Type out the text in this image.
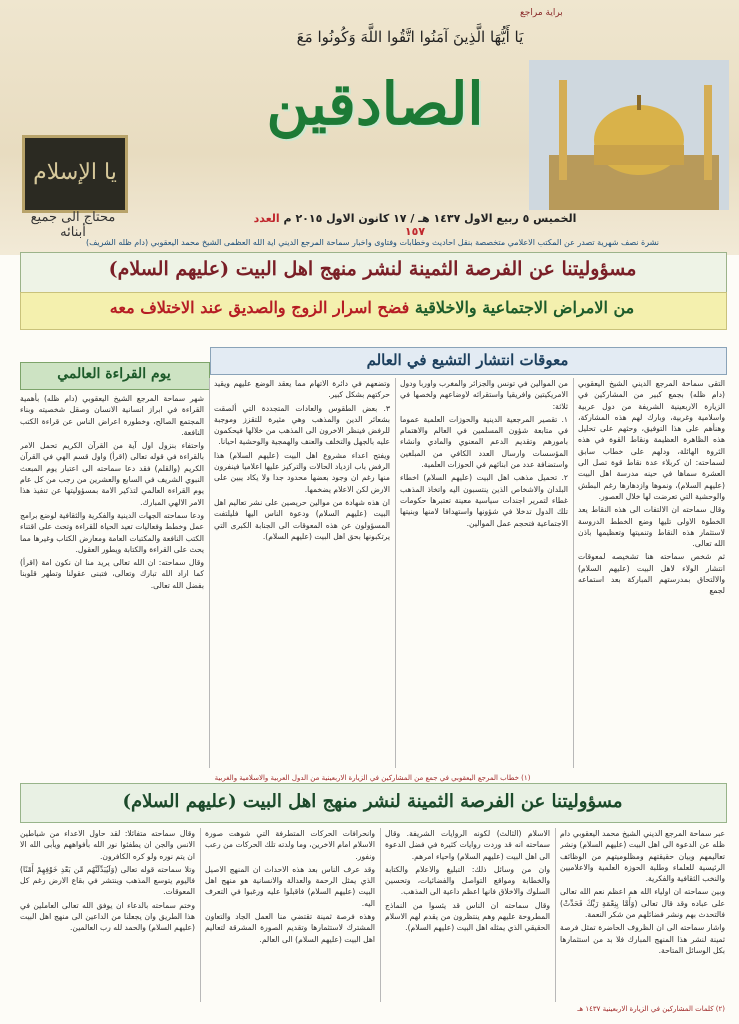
يا الإسلام
محتاج الى جميع أبنائه
براية مراجع
يَا أَيُّهَا الَّذِينَ آمَنُوا اتَّقُوا اللَّهَ وَكُونُوا مَعَ
الصادقين
الخميس ٥ ربيع الاول ١٤٣٧ هـ / ١٧ كانون الاول ٢٠١٥ م العدد ١٥٧
نشرة نصف شهرية تصدر عن المكتب الاعلامي متخصصة بنقل احاديث وخطابات وفتاوى واخبار سماحة المرجع الديني اية الله العظمى الشيخ محمد اليعقوبي (دام ظله الشريف)
مسؤوليتنا عن الفرصة الثمينة لنشر منهج اهل البيت (عليهم السلام)
من الامراض الاجتماعية والاخلاقية فضح اسرار الزوج والصديق عند الاختلاف معه
معوقات انتشار التشيع في العالم
يوم القراءة العالمي

التقى سماحة المرجع الديني الشيخ اليعقوبي (دام ظله) بجمع كبير من المشاركين في الزيارة الاربعينية الشريفة من دول عربية واسلامية وغربية، وبارك لهم هذه المشاركة، وهنأهم على هذا التوفيق، وحثهم على تحليل هذه الظاهرة العظيمة ونقاط القوة في هذه الثروة الهائلة، ودلهم على خطاب سابق لسماحته: ان كربلاء عدة نقاط قوة تصل الى العشرة سماها في حينه مدرسة اهل البيت (عليهم السلام)، ونموها وازدهارها رغم البطش والوحشية التي تعرضت لها خلال العصور.

وقال سماحته ان الالتفات الى هذه النقاط يعد الخطوة الاولى تليها وضع الخطط الدروسة لاستثمار هذه النقاط وتنميتها وتعظيمها باذن الله تعالى.

ثم شخص سماحته هنا تشخيصه لمعوقات انتشار الولاء لاهل البيت (عليهم السلام) والالتحاق بمدرستهم المباركة بعد استماعه لجمع

من الموالين في تونس والجزائر والمغرب واوربا ودول الامريكيتين وافريقيا واستقرائه لاوضاعهم ولخصها في ثلاثة:

١. تقصير المرجعية الدينية والحوزات العلمية عموما في متابعة شؤون المسلمين في العالم والاهتمام بامورهم وتقديم الدعم المعنوي والمادي وانشاء المؤسسات وارسال العدد الكافي من المبلغين واستضافة عدد من ابنائهم في الحوزات العلمية.

٢. تحميل مذهب اهل البيت (عليهم السلام) اخطاء البلدان والاشخاص الذين ينتسبون اليه واتخاذ المذهب غطاء لتمرير اجندات سياسية معينة تعتبرها حكومات تلك الدول تدخلا في شؤونها واستهدافا لامنها وبنيتها الاجتماعية فتحجم عمل الموالين.

وتضعهم في دائرة الاتهام مما يعقد الوضع عليهم ويقيد حركتهم بشكل كبير.

٣. بعض الطقوس والعادات المتجددة التي ألصقت بشعائر الدين والمذهب وهي مثيرة للتقزز وموجبة للرفض فينظر الاخرون الى المذهب من خلالها فيحكمون عليه بالجهل والتخلف والعنف والهمجية والوحشية احيانا.

ويفتح اعداء مشروع اهل البيت (عليهم السلام) هذا الرفض باب ازدياد الحالات والتركيز عليها اعلاميا فينفرون منها رغم ان وجود بعضها محدود جدا ولا يكاد يبين على الارض لكن الاعلام يضخمها.

ان هذه شهادة من موالين حريصين على نشر تعاليم اهل البيت (عليهم السلام) ودعوة الناس اليها فليلتفت المسؤولون عن هذه المعوقات الى الجنابة الكبرى التي يرتكبونها بحق اهل البيت (عليهم السلام).

شهر سماحة المرجع الشيخ اليعقوبي (دام ظله) بأهمية القراءة في ابراز انسانية الانسان وصقل شخصيته وبناء المجتمع الصالح، وخطورة اعراض الناس عن قراءة الكتب النافعة.

واحتفاء بنزول اول آية من القرآن الكريم تحمل الامر بالقراءة في قوله تعالى (اقرأ) واول قسم الهي في القرآن الكريم (والقلم) فقد دعا سماحته الى اعتبار يوم المبعث النبوي الشريف في السابع والعشرين من رجب من كل عام يوم القراءة العالمي لتذكير الامة بمسؤوليتها عن تنفيذ هذا الامر الالهي المبارك.

ودعا سماحته الجهات الدينية والفكرية والثقافية لوضع برامج عمل وخطط وفعاليات تعيد الحياة للقراءة وتحث على اقتناء الكتب النافعة والمكتبات العامة ومعارض الكتاب وغيرها مما يحث على القراءة والكتابة ويطور العقول.

وقال سماحته: ان الله تعالى يريد منا ان نكون امة (اقرأ) كما اراد الله تبارك وتعالى، فتبنى عقولنا وتطهر قلوبنا بفضل الله تعالى.

(١) خطاب المرجع اليعقوبي في جمع من المشاركين في الزيارة الاربعينية من الدول العربية والاسلامية والغربية
مسؤوليتنا عن الفرصة الثمينة لنشر منهج اهل البيت (عليهم السلام)

عبر سماحة المرجع الديني الشيخ محمد اليعقوبي دام ظله عن الدعوة الى اهل البيت (عليهم السلام) ونشر تعاليمهم وبيان حقيقتهم ومظلوميتهم من الوظائف الرئيسية للعلماء وطلبة الحوزة العلمية والاعلاميين والنخب الثقافية والفكرية.

وبين سماحته ان اولياء الله هم اعظم نعم الله تعالى على عباده وقد قال تعالى (وَأَمَّا بِنِعْمَةِ رَبِّكَ فَحَدِّثْ) فالتحدث بهم ونشر فضائلهم من شكر النعمة.

واشار سماحته الى ان الظروف الحاضرة تمثل فرصة ثمينة لنشر هذا المنهج المبارك فلا بد من استثمارها بكل الوسائل المتاحة.

الاسلام (الثالث) لكونه الروايات الشريفة. وقال سماحته انه قد وردت روايات كثيرة في فضل الدعوة الى اهل البيت (عليهم السلام) واحياء امرهم.

وان من وسائل ذلك: التبليغ والاعلام والكتابة والخطابة ومواقع التواصل والفضائيات، وتحسين السلوك والاخلاق فانها اعظم داعية الى المذهب.

وقال سماحته ان الناس قد يئسوا من النماذج المطروحة عليهم وهم ينتظرون من يقدم لهم الاسلام الحقيقي الذي يمثله اهل البيت (عليهم السلام).

وانحرافات الحركات المتطرفة التي شوهت صورة الاسلام امام الاخرين، وما ولدته تلك الحركات من رعب ونفور.

وقد عرف الناس بعد هذه الاحداث ان المنهج الاصيل الذي يمثل الرحمة والعدالة والانسانية هو منهج اهل البيت (عليهم السلام) فاقبلوا عليه ورغبوا في التعرف اليه.

وهذه فرصة ثمينة تقتضي منا العمل الجاد والتعاون المشترك لاستثمارها وتقديم الصورة المشرقة لتعاليم اهل البيت (عليهم السلام) الى العالم.

وقال سماحته متفائلا: لقد حاول الاعداء من شياطين الانس والجن ان يطفئوا نور الله بأفواههم ويأبى الله الا ان يتم نوره ولو كره الكافرون.

وتلا سماحته قوله تعالى (وَلَيُبَدِّلَنَّهُم مِّن بَعْدِ خَوْفِهِمْ أَمْنًا) فاليوم يتوسع المذهب وينتشر في بقاع الارض رغم كل المعوقات.

وختم سماحته بالدعاء ان يوفق الله تعالى العاملين في هذا الطريق وان يجعلنا من الداعين الى منهج اهل البيت (عليهم السلام) والحمد لله رب العالمين.

(٢) كلمات المشاركين في الزيارة الاربعينية ١٤٣٧ هـ
